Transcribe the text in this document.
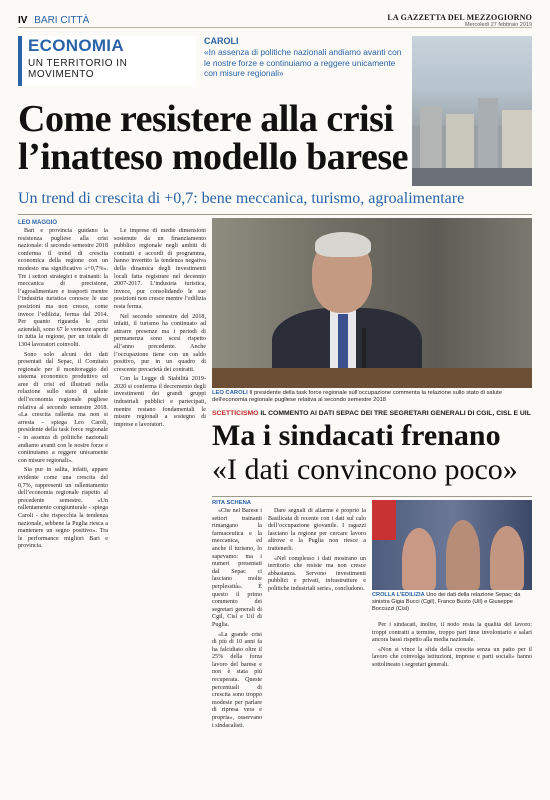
IV BARI CITTÀ	LA GAZZETTA DEL MEZZOGIORNO
Mercoledì 27 febbraio 2019
ECONOMIA
UN TERRITORIO IN MOVIMENTO
CAROLI
«In assenza di politiche nazionali andiamo avanti con le nostre forze e continuiamo a reggere unicamente con misure regionali»
Come resistere alla crisi
l’inatteso modello barese
Un trend di crescita di +0,7: bene meccanica, turismo, agroalimentare
LEO MAGGIO

Bari e provincia guidano la resistenza pugliese alla crisi nazionale: il secondo semestre 2018 conferma il trend di crescita economica della regione con un modesto ma significativo «+0,7%». Tre i settori strategici e trainanti: la meccanica di precisione, l’agroalimentare e trasporti mentre l’industria turistica conosce le sue posizioni ma non cresce, come invece l’edilizia, ferma dal 2014. Per quanto riguarda le crisi aziendali, sono 67 le vertenze aperte in tutta la regione, per un totale di 1304 lavoratori coinvolti.

Sono solo alcuni dei dati presentati dal Sepac, il Comitato regionale per il monitoraggio del sistema economico produttivo ed aree di crisi ed illustrati nella relazione sullo stato di salute dell’economia regionale pugliese relativa al secondo semestre 2018. «La crescita rallenta ma non si arresta - spiega Leo Caroli, presidente della task force regionale - in assenza di politiche nazionali andiamo avanti con le nostre forze e continuiamo a reggere unicamente con misure regionali».

Sia pur in salita, infatti, appare evidente come una crescita del 0,7%, rappresenti un rallentamento dell’economia regionale rispetto al precedente semestre. «Un rallentamento congiunturale - spiega Caroli - che rispecchia la tendenza nazionale, sebbene la Puglia riesca a mantenere un segno positivo». Tra le performance migliori Bari e provincia.

Le imprese di medie dimensioni sostenute da un finanziamento pubblico regionale negli ambiti di contratti e accordi di programma, hanno invertito la tendenza negativa della dinamica degli investimenti locali fatta registrare nel decennio 2007-2017. L’industria turistica, invece, pur consolidando le sue posizioni non cresce mentre l’edilizia resta ferma.

Nel secondo semestre del 2018, infatti, il turismo ha continuato ad attrarre presenze ma i periodi di permanenza sono scesi rispetto all’anno precedente. Anche l’occupazione tiene con un saldo positivo, pur in un quadro di crescente precarietà dei contratti.

Con la Legge di Stabilità 2019-2020 si conferma il decremento degli investimenti dei grandi gruppi industriali pubblici e partecipati, mentre restano fondamentali le misure regionali a sostegno di imprese e lavoratori.

LEO CAROLI Il presidente della task force regionale sull’occupazione commenta la relazione sullo stato di salute dell’economia regionale pugliese relativa al secondo semestre 2018
SCETTICISMO IL COMMENTO AI DATI SEPAC DEI TRE SEGRETARI GENERALI DI CGIL, CISL E UIL
Ma i sindacati frenano
«I dati convincono poco»
RITA SCHENA

«Che nel Barese i settori trainanti rimangano la farmaceutica e la meccanica, ed anche il turismo, lo sapevamo: ma i numeri presentati dal Sepac ci lasciano molte perplessità». È questo il primo commento dei segretari generali di Cgil, Cisl e Uil di Puglia.

«La grande crisi di più di 10 anni fa ha falcidiato oltre il 25% della forza lavoro del barese e non è stata più recuperata. Queste percentuali di crescita sono troppo modeste per parlare di ripresa vera e propria», osservano i sindacalisti.

Dare segnali di allarme è proprio la Basilicata di recente con i dati sul calo dell’occupazione giovanile. I ragazzi lasciano la regione per cercare lavoro altrove e la Puglia non riesce a trattenerli.

«Nel complesso i dati mostrano un territorio che resiste ma non cresce abbastanza. Servono investimenti pubblici e privati, infrastrutture e politiche industriali serie», concludono.

CROLLA L’EDILIZIA Uno dei dati della relazione Sepac; da sinistra Gigia Bucci (Cgil), Franco Busto (Uil) e Giuseppe Boccuzzi (Cisl)

Per i sindacati, inoltre, il nodo resta la qualità del lavoro: troppi contratti a termine, troppo part time involontario e salari ancora bassi rispetto alla media nazionale.

«Non si vince la sfida della crescita senza un patto per il lavoro che coinvolga istituzioni, imprese e parti sociali» hanno sottolineato i segretari generali.
